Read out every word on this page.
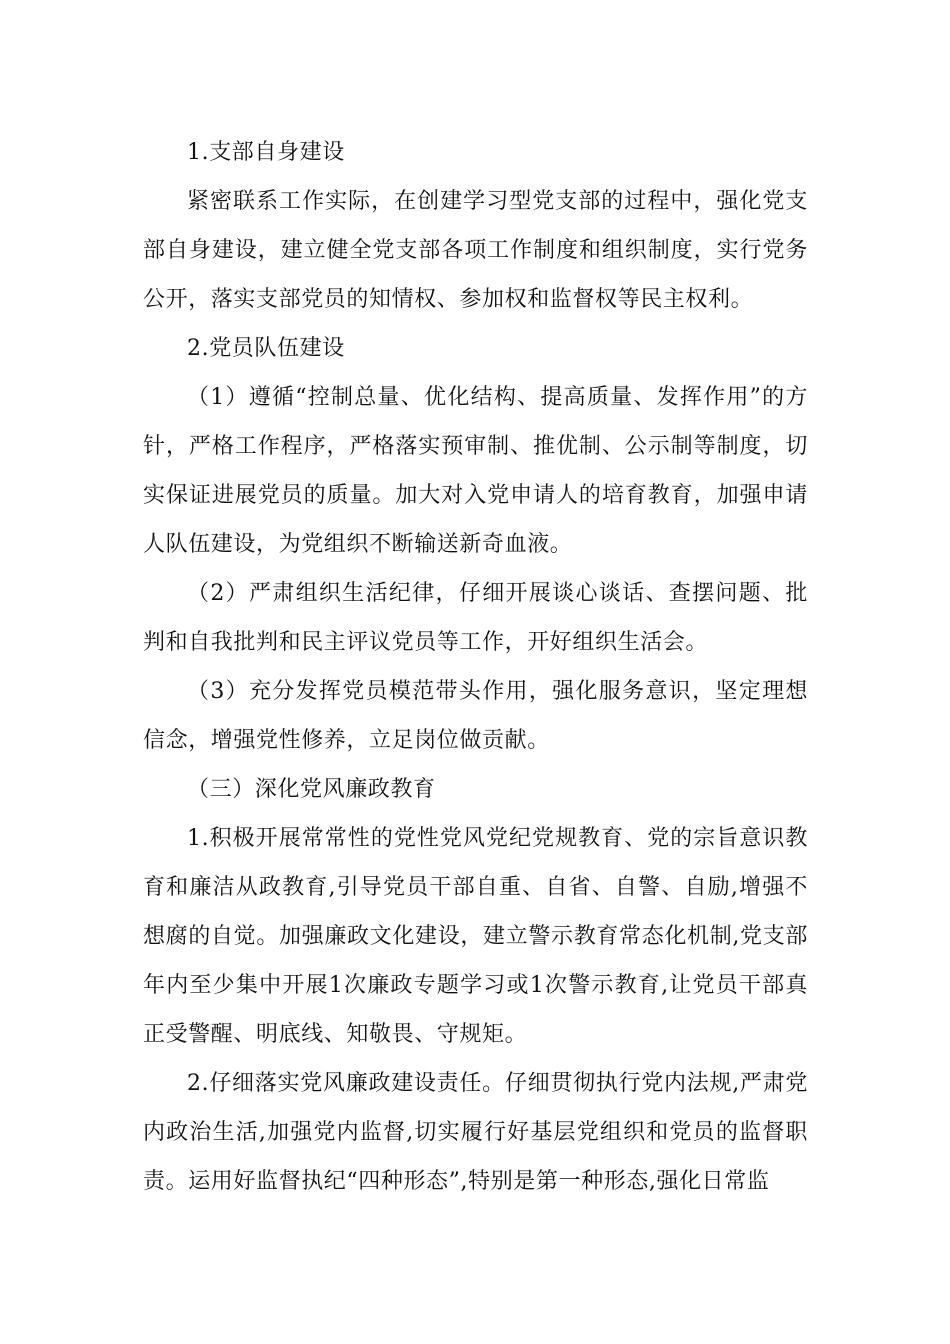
1.支部自身建设

紧密联系工作实际，在创建学习型党支部的过程中，强化党支部自身建设，建立健全党支部各项工作制度和组织制度，实行党务公开，落实支部党员的知情权、参加权和监督权等民主权利。

2.党员队伍建设

（1）遵循“控制总量、优化结构、提高质量、发挥作用”的方针，严格工作程序，严格落实预审制、推优制、公示制等制度，切实保证进展党员的质量。加大对入党申请人的培育教育，加强申请人队伍建设，为党组织不断输送新奇血液。

（2）严肃组织生活纪律，仔细开展谈心谈话、查摆问题、批判和自我批判和民主评议党员等工作，开好组织生活会。

（3）充分发挥党员模范带头作用，强化服务意识，坚定理想信念，增强党性修养，立足岗位做贡献。

（三）深化党风廉政教育

1.积极开展常常性的党性党风党纪党规教育、党的宗旨意识教育和廉洁从政教育,引导党员干部自重、自省、自警、自励,增强不想腐的自觉。加强廉政文化建设，建立警示教育常态化机制,党支部年内至少集中开展1次廉政专题学习或1次警示教育,让党员干部真正受警醒、明底线、知敬畏、守规矩。

2.仔细落实党风廉政建设责任。仔细贯彻执行党内法规,严肃党内政治生活,加强党内监督,切实履行好基层党组织和党员的监督职责。运用好监督执纪“四种形态”,特别是第一种形态,强化日常监
